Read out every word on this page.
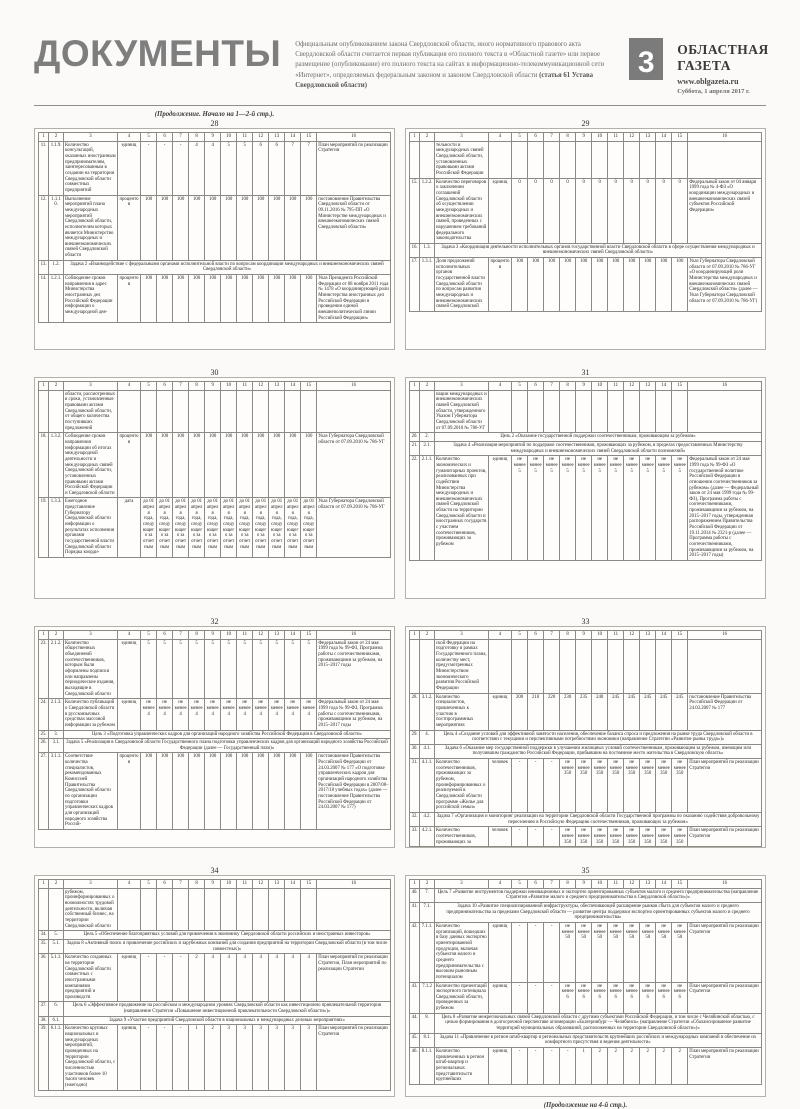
ДОКУМЕНТЫ Официальным опубликованием закона Свердловской области, иного нормативного правового акта Свердловской области считается первая публикация его полного текста в «Областной газете» или первое размещение (опубликование) его полного текста на сайтах в информационно-телекоммуникационной сети «Интернет», определяемых федеральным законом и законом Свердловской области (статья 61 Устава Свердловской области)
3	ОБЛАСТНАЯ ГАЗЕТА
www.oblgazeta.ru
Суббота, 1 апреля 2017 г.
(Продолжение. Начало на 1—2-й стр.).
28
1	2	3	4	5	6	7	8	9	10	11	12	13	14	15	16
11.	1.1.9.	Количество консультаций, оказанных иностранным предпринимателям, заинтересованным в создании на территории Свердловской области совместных предприятий	единиц	-	-	-	4	4	5	5	6	6	7	7	План мероприятий по реализации Стратегии
12.	1.1.10.	Выполнение мероприятий плана международных мероприятий Свердловской области, исполнителем которых является Министерство международных и внешнеэкономических связей Свердловской области	процентов	100	100	100	100	100	100	100	100	100	100	100	постановление Правительства Свердловской области от 09.11.2016 № 795-ПП «О Министерстве международных и внешнеэкономических связей Свердловской области»
13.	1.2.	Задача 2 «Взаимодействие с федеральными органами исполнительной власти по вопросам координации международных и внешнеэкономических связей Свердловской области»													
14.	1.2.1.	Соблюдение сроков направления в адрес Министерства иностранных дел Российской Федерации информации о международной дея-	процентов	100	100	100	100	100	100	100	100	100	100	100	Указ Президента Российской Федерации от 08 ноября 2011 года № 1478 «О координирующей роли Министерства иностранных дел Российской Федерации в проведении единой внешнеполитической линии Российской Федерации»
29
1	2	3	4	5	6	7	8	9	10	11	12	13	14	15	16
		тельности и международных связей Свердловской области, установленных правовыми актами Российской Федерации													
15.	1.2.2.	Количество переговоров о заключении соглашений Свердловской области об осуществлении международных и внешнеэкономических связей, проведенных с нарушением требований федерального законодательства	единиц	0	0	0	0	0	0	0	0	0	0	0	Федеральный закон от 04 января 1999 года № 4-ФЗ «О координации международных и внешнеэкономических связей субъектов Российской Федерации»
16.	1.3.	Задача 3 «Координация деятельности исполнительных органов государственной власти Свердловской области в сфере осуществления международных и внешнеэкономических связей Свердловской области»													
17.	1.3.1.	Доля предложений исполнительных органов государственной власти Свердловской области по вопросам развития международных и внешнеэкономических связей Свердловской	процентов	100	100	100	100	100	100	100	100	100	100	100	Указ Губернатора Свердловской области от 07.09.2010 № 786-УГ «О координирующей роли Министерства международных и внешнеэкономических связей Свердловской области» (далее — Указ Губернатора Свердловской области от 07.09.2010 № 786-УГ)
30
1	2	3	4	5	6	7	8	9	10	11	12	13	14	15	16
		области, рассмотренных в сроки, установленные правовыми актами Свердловской области, от общего количества поступивших предложений													
18.	1.3.2.	Соблюдение сроков направления информации об итогах международной деятельности и международных связей Свердловской области, установленных правовыми актами Российской Федерации и Свердловской области	процентов	100	100	100	100	100	100	100	100	100	100	100	Указ Губернатора Свердловской области от 07.09.2010 № 786-УГ
19.	1.3.3.	Ежегодное представление Губернатору Свердловской области информации о результатах исполнения органами государственной власти Свердловской области Порядка коорди-	дата	до 01 апреля года, следующего за отчетным	до 01 апреля года, следующего за отчетным	до 01 апреля года, следующего за отчетным	до 01 апреля года, следующего за отчетным	до 01 апреля года, следующего за отчетным	до 01 апреля года, следующего за отчетным	до 01 апреля года, следующего за отчетным	до 01 апреля года, следующего за отчетным	до 01 апреля года, следующего за отчетным	до 01 апреля года, следующего за отчетным	до 01 апреля года, следующего за отчетным	Указ Губернатора Свердловской области от 07.09.2010 № 786-УГ
31
1	2	3	4	5	6	7	8	9	10	11	12	13	14	15	16
		нации международных и внешнеэкономических связей Свердловской области, утвержденного Указом Губернатора Свердловской области от 07.09.2010 № 786-УГ													
20.	2.	Цель 2 «Оказание государственной поддержки соотечественникам, проживающим за рубежом»													
21.	2.1.	Задача 4 «Реализация мероприятий по поддержке соотечественников, проживающих за рубежом, в пределах предоставленных Министерству международных и внешнеэкономических связей Свердловской области полномочий»													
22.	2.1.1.	Количество экономических и гуманитарных проектов, реализованных при содействии Министерства международных и внешнеэкономических связей Свердловской области на территории Свердловской области и иностранных государств с участием соотечественников, проживающих за рубежом	единиц	не менее 5	не менее 5	не менее 5	не менее 5	не менее 5	не менее 5	не менее 5	не менее 5	не менее 5	не менее 5	не менее 5	Федеральный закон от 24 мая 1999 года № 99-ФЗ «О государственной политике Российской Федерации в отношении соотечественников за рубежом» (далее — Федеральный закон от 24 мая 1999 года № 99-ФЗ), Программа работы с соотечественниками, проживающими за рубежом, на 2015–2017 годы, утвержденная распоряжением Правительства Российской Федерации от 19.11.2014 № 2321-р (далее — Программа работы с соотечественниками, проживающими за рубежом, на 2015–2017 годы)
32
1	2	3	4	5	6	7	8	9	10	11	12	13	14	15	16
23.	2.1.2.	Количество общественных объединений соотечественников, которым были оформлены подписки или направлены периодические издания, выходящие в Свердловской области	единиц	5	5	5	5	5	5	5	5	5	5	5	Федеральный закон от 24 мая 1999 года № 99-ФЗ, Программа работы с соотечественниками, проживающими за рубежом, на 2015–2017 годы
24.	2.1.3.	Количество публикаций о Свердловской области в русскоязычных средствах массовой информации за рубежом	единиц	не менее 4	не менее 4	не менее 4	не менее 4	не менее 4	не менее 4	не менее 4	не менее 4	не менее 4	не менее 4	не менее 4	Федеральный закон от 24 мая 1999 года № 99-ФЗ, Программа работы с соотечественниками, проживающими за рубежом, на 2015–2017 годы
25.	3.	Цель 3 «Подготовка управленческих кадров для организаций народного хозяйства Российской Федерации в Свердловской области»													
26.	3.1.	Задача 5 «Реализация в Свердловской области Государственного плана подготовки управленческих кадров для организаций народного хозяйства Российской Федерации (далее — Государственный план)»													
27.	3.1.1.	Соответствие количества специалистов, рекомендованных Комиссией Правительства Свердловской области по организации подготовки управленческих кадров для организаций народного хозяйства Россий-	процентов	100	100	100	100	100	100	100	100	100	100	100	постановление Правительства Российской Федерации от 24.03.2007 № 177 «О подготовке управленческих кадров для организаций народного хозяйства Российской Федерации в 2007/08–2017/18 учебных годах» (далее — постановление Правительства Российской Федерации от 24.03.2007 № 177)
33
1	2	3	4	5	6	7	8	9	10	11	12	13	14	15	16
		ской Федерации на подготовку в рамках Государственного плана, количеству мест, предусмотренных Министерством экономического развития Российской Федерации													
28.	3.1.2.	Количество специалистов, привлеченных к участию в постпрограммных мероприятиях	единиц	200	210	220	230	235	240	245	245	245	245	245	постановление Правительства Российской Федерации от 24.03.2007 № 177
29.	4.	Цель 4 «Создание условий для эффективной занятости населения, обеспечение баланса спроса и предложения на рынке труда Свердловской области в соответствии с текущими и перспективными потребностями экономики (направление Стратегии «Развитие рынка труда»)»													
30.	4.1.	Задача 6 «Оказание мер государственной поддержки в улучшении жилищных условий соотечественникам, проживающим за рубежом, имеющим или получившим гражданство Российской Федерации, прибывшим на постоянное место жительства в Свердловскую область»													
31.	4.1.1.	Количество соотечественников, проживающих за рубежом, проинформированных о реализуемой в Свердловской области программе «Жилье для российской семьи»	человек	-	-	-	не менее 350	не менее 350	не менее 350	не менее 350	не менее 350	не менее 350	не менее 350	не менее 350	План мероприятий по реализации Стратегии
32.	4.2.	Задача 7 «Организация и мониторинг реализации на территории Свердловской области Государственной программы по оказанию содействия добровольному переселению в Российскую Федерацию соотечественников, проживающих за рубежом»													
33.	4.2.1.	Количество соотечественников, проживающих за	человек	-	-	-	не менее 350	не менее 350	не менее 350	не менее 350	не менее 350	не менее 350	не менее 350	не менее 350	План мероприятий по реализации Стратегии
34
1	2	3	4	5	6	7	8	9	10	11	12	13	14	15	16
		рубежом, проинформированных о возможностях трудовой деятельности, включая собственный бизнес, на территории Свердловской области													
34.	5.	Цель 5 «Обеспечение благоприятных условий для привлечения в экономику Свердловской области российских и иностранных инвесторов»													
35.	5.1.	Задача 8 «Активный поиск и привлечение российских и зарубежных компаний для создания предприятий на территории Свердловской области (в том числе совместных)»													
36.	5.1.1.	Количество созданных на территории Свердловской области совместных с иностранными компаниями предприятий и производств	единиц	-	-	-	2	4	4	4	4	4	4	4	План мероприятий по реализации Стратегии, План мероприятий по реализации Стратегии
37.	6.	Цель 6 «Эффективное продвижение на российском и международном уровнях Свердловской области как инвестиционно привлекательной территории (направление Стратегии «Повышение инвестиционной привлекательности Свердловской области»)»													
38.	6.1.	Задача 9 «Участие предприятий Свердловской области в национальных и международных деловых мероприятиях»													
39.	6.1.1.	Количество крупных национальных и международных мероприятий, проведенных на территории Свердловской области, с численностью участников более 10 тысяч человек (ежегодно)	единиц	-	-	-	1	2	3	3	3	3	3	3	План мероприятий по реализации Стратегии
35
1	2	3	4	5	6	7	8	9	10	11	12	13	14	15	16
40.	7.	Цель 7 «Развитие инструментов поддержки инновационных и экспортно ориентированных субъектов малого и среднего предпринимательства (направление Стратегии «Развитие малого и среднего предпринимательства в Свердловской области»)»													
41.	7.1.	Задача 10 «Развитие специализированной инфраструктуры, обеспечивающей расширение рынков сбыта для субъектов малого и среднего предпринимательства за пределами Свердловской области — развитие центра поддержки экспортно ориентированных субъектов малого и среднего предпринимательства»													
42.	7.1.1.	Количество организаций, вошедших в базу данных экспортно ориентированной продукции, включая субъектов малого и среднего предпринимательства с высоким рыночным потенциалом	единиц	-	-	-	не менее 50	не менее 50	не менее 50	не менее 50	не менее 50	не менее 50	не менее 50	не менее 50	План мероприятий по реализации Стратегии
43.	7.1.2	Количество презентаций экспортного потенциала Свердловской области, проведенных за рубежом	единиц	-	-	-	не менее 6	не менее 6	не менее 6	не менее 6	не менее 6	не менее 6	не менее 6	не менее 6	План мероприятий по реализации Стратегии
44.	8.	Цель 8 «Развитие межрегиональных связей Свердловской области с другими субъектами Российской Федерации, в том числе с Челябинской областью, с целью формирования в долгосрочной перспективе агломерации «Екатеринбург — Челябинск» (направление Стратегии «Сбалансированное развитие территорий муниципальных образований, расположенных на территории Свердловской области»)»													
45.	8.1.	Задача 11 «Привлечение в регион штаб-квартир и региональных представительств крупнейших российских и международных компаний и обеспечение их комфортного присутствия и ведения деятельности»													
46.	8.1.1.	Количество привлеченных в регион штаб-квартир и региональных представительств крупнейших	единиц	-	-	-	-	1	2	2	2	2	2	2	План мероприятий по реализации Стратегии
(Продолжение на 4-й стр.).
